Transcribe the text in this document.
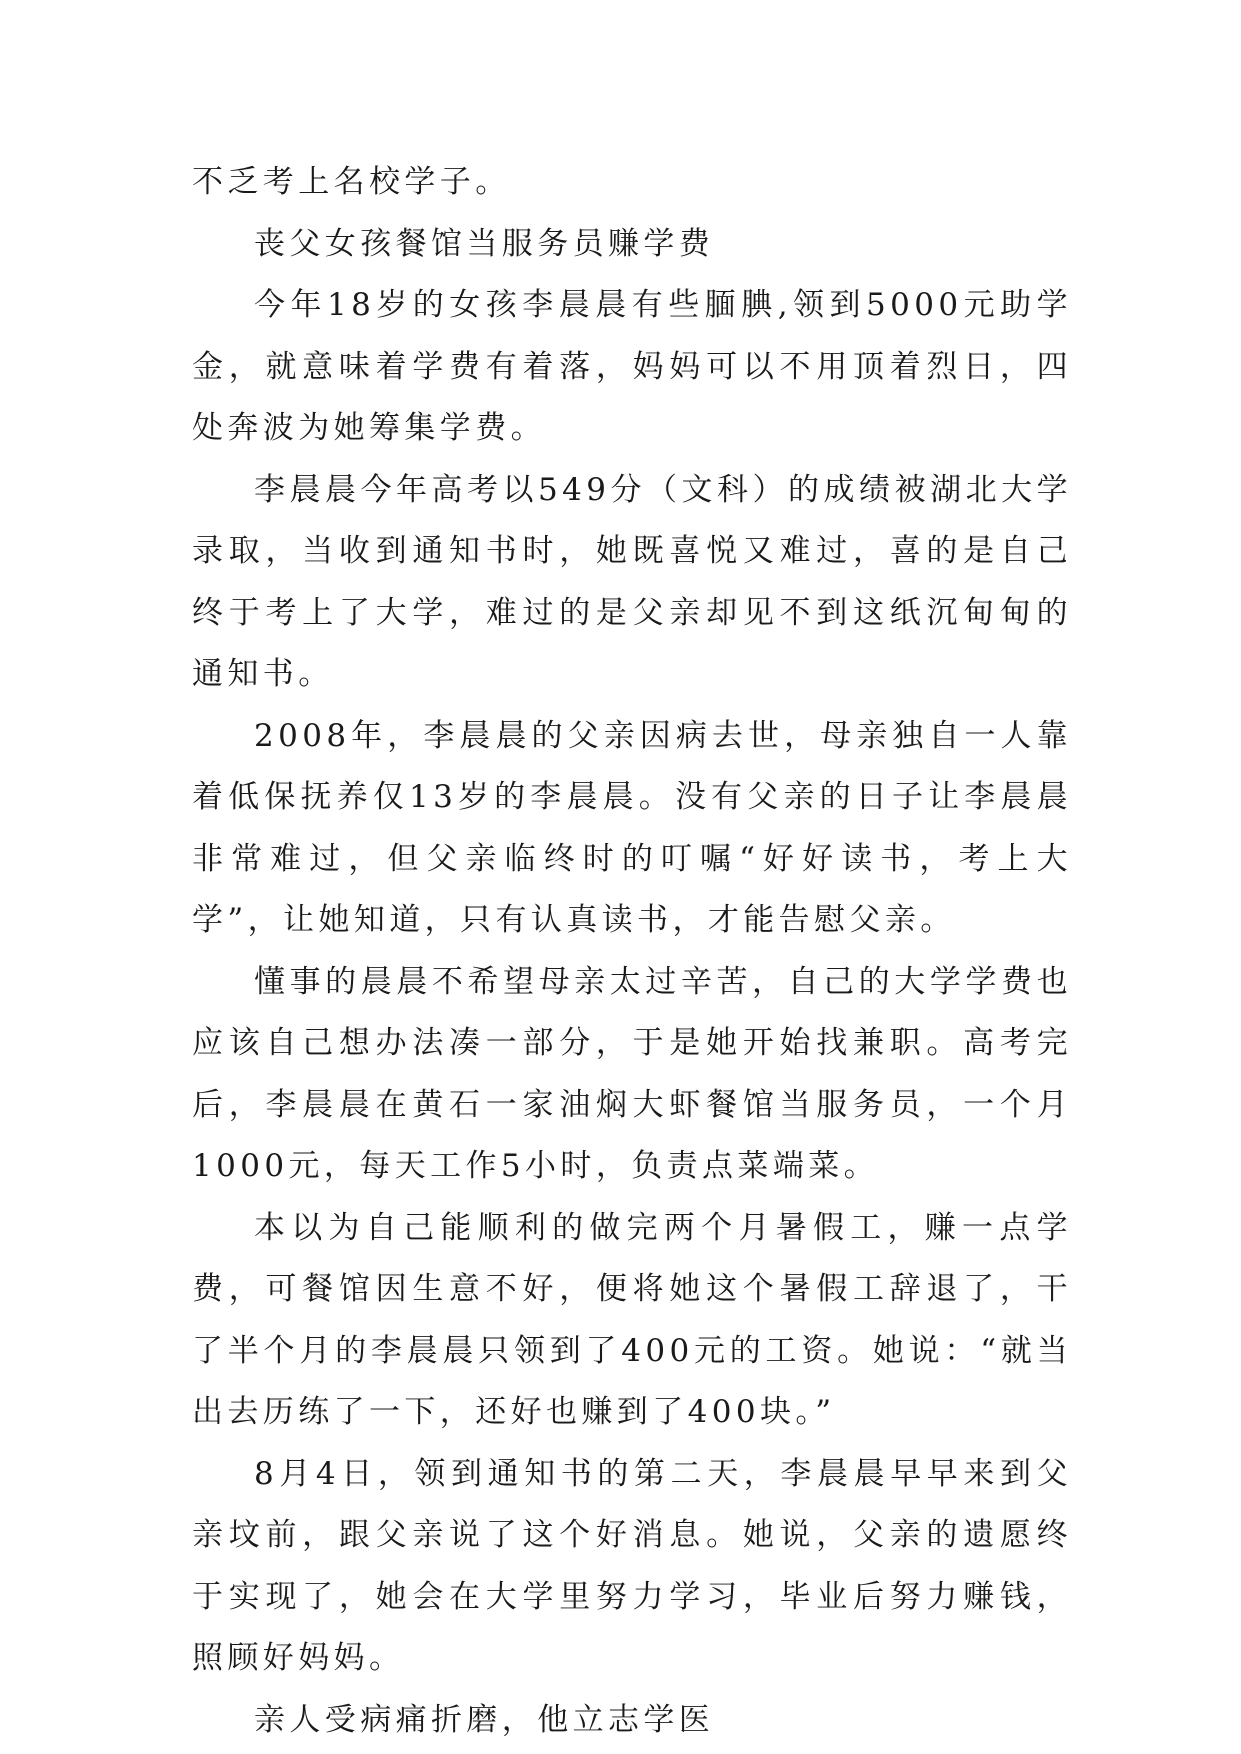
不乏考上名校学子。

丧父女孩餐馆当服务员赚学费

今年18岁的女孩李晨晨有些腼腆,领到5000元助学金，就意味着学费有着落，妈妈可以不用顶着烈日，四处奔波为她筹集学费。

李晨晨今年高考以549分（文科）的成绩被湖北大学录取，当收到通知书时，她既喜悦又难过，喜的是自己终于考上了大学，难过的是父亲却见不到这纸沉甸甸的通知书。

2008年，李晨晨的父亲因病去世，母亲独自一人靠着低保抚养仅13岁的李晨晨。没有父亲的日子让李晨晨非常难过，但父亲临终时的叮嘱“好好读书，考上大学”，让她知道，只有认真读书，才能告慰父亲。

懂事的晨晨不希望母亲太过辛苦，自己的大学学费也应该自己想办法凑一部分，于是她开始找兼职。高考完后，李晨晨在黄石一家油焖大虾餐馆当服务员，一个月1000元，每天工作5小时，负责点菜端菜。

本以为自己能顺利的做完两个月暑假工，赚一点学费，可餐馆因生意不好，便将她这个暑假工辞退了，干了半个月的李晨晨只领到了400元的工资。她说：“就当出去历练了一下，还好也赚到了400块。”

8月4日，领到通知书的第二天，李晨晨早早来到父亲坟前，跟父亲说了这个好消息。她说，父亲的遗愿终于实现了，她会在大学里努力学习，毕业后努力赚钱，照顾好妈妈。

亲人受病痛折磨，他立志学医
